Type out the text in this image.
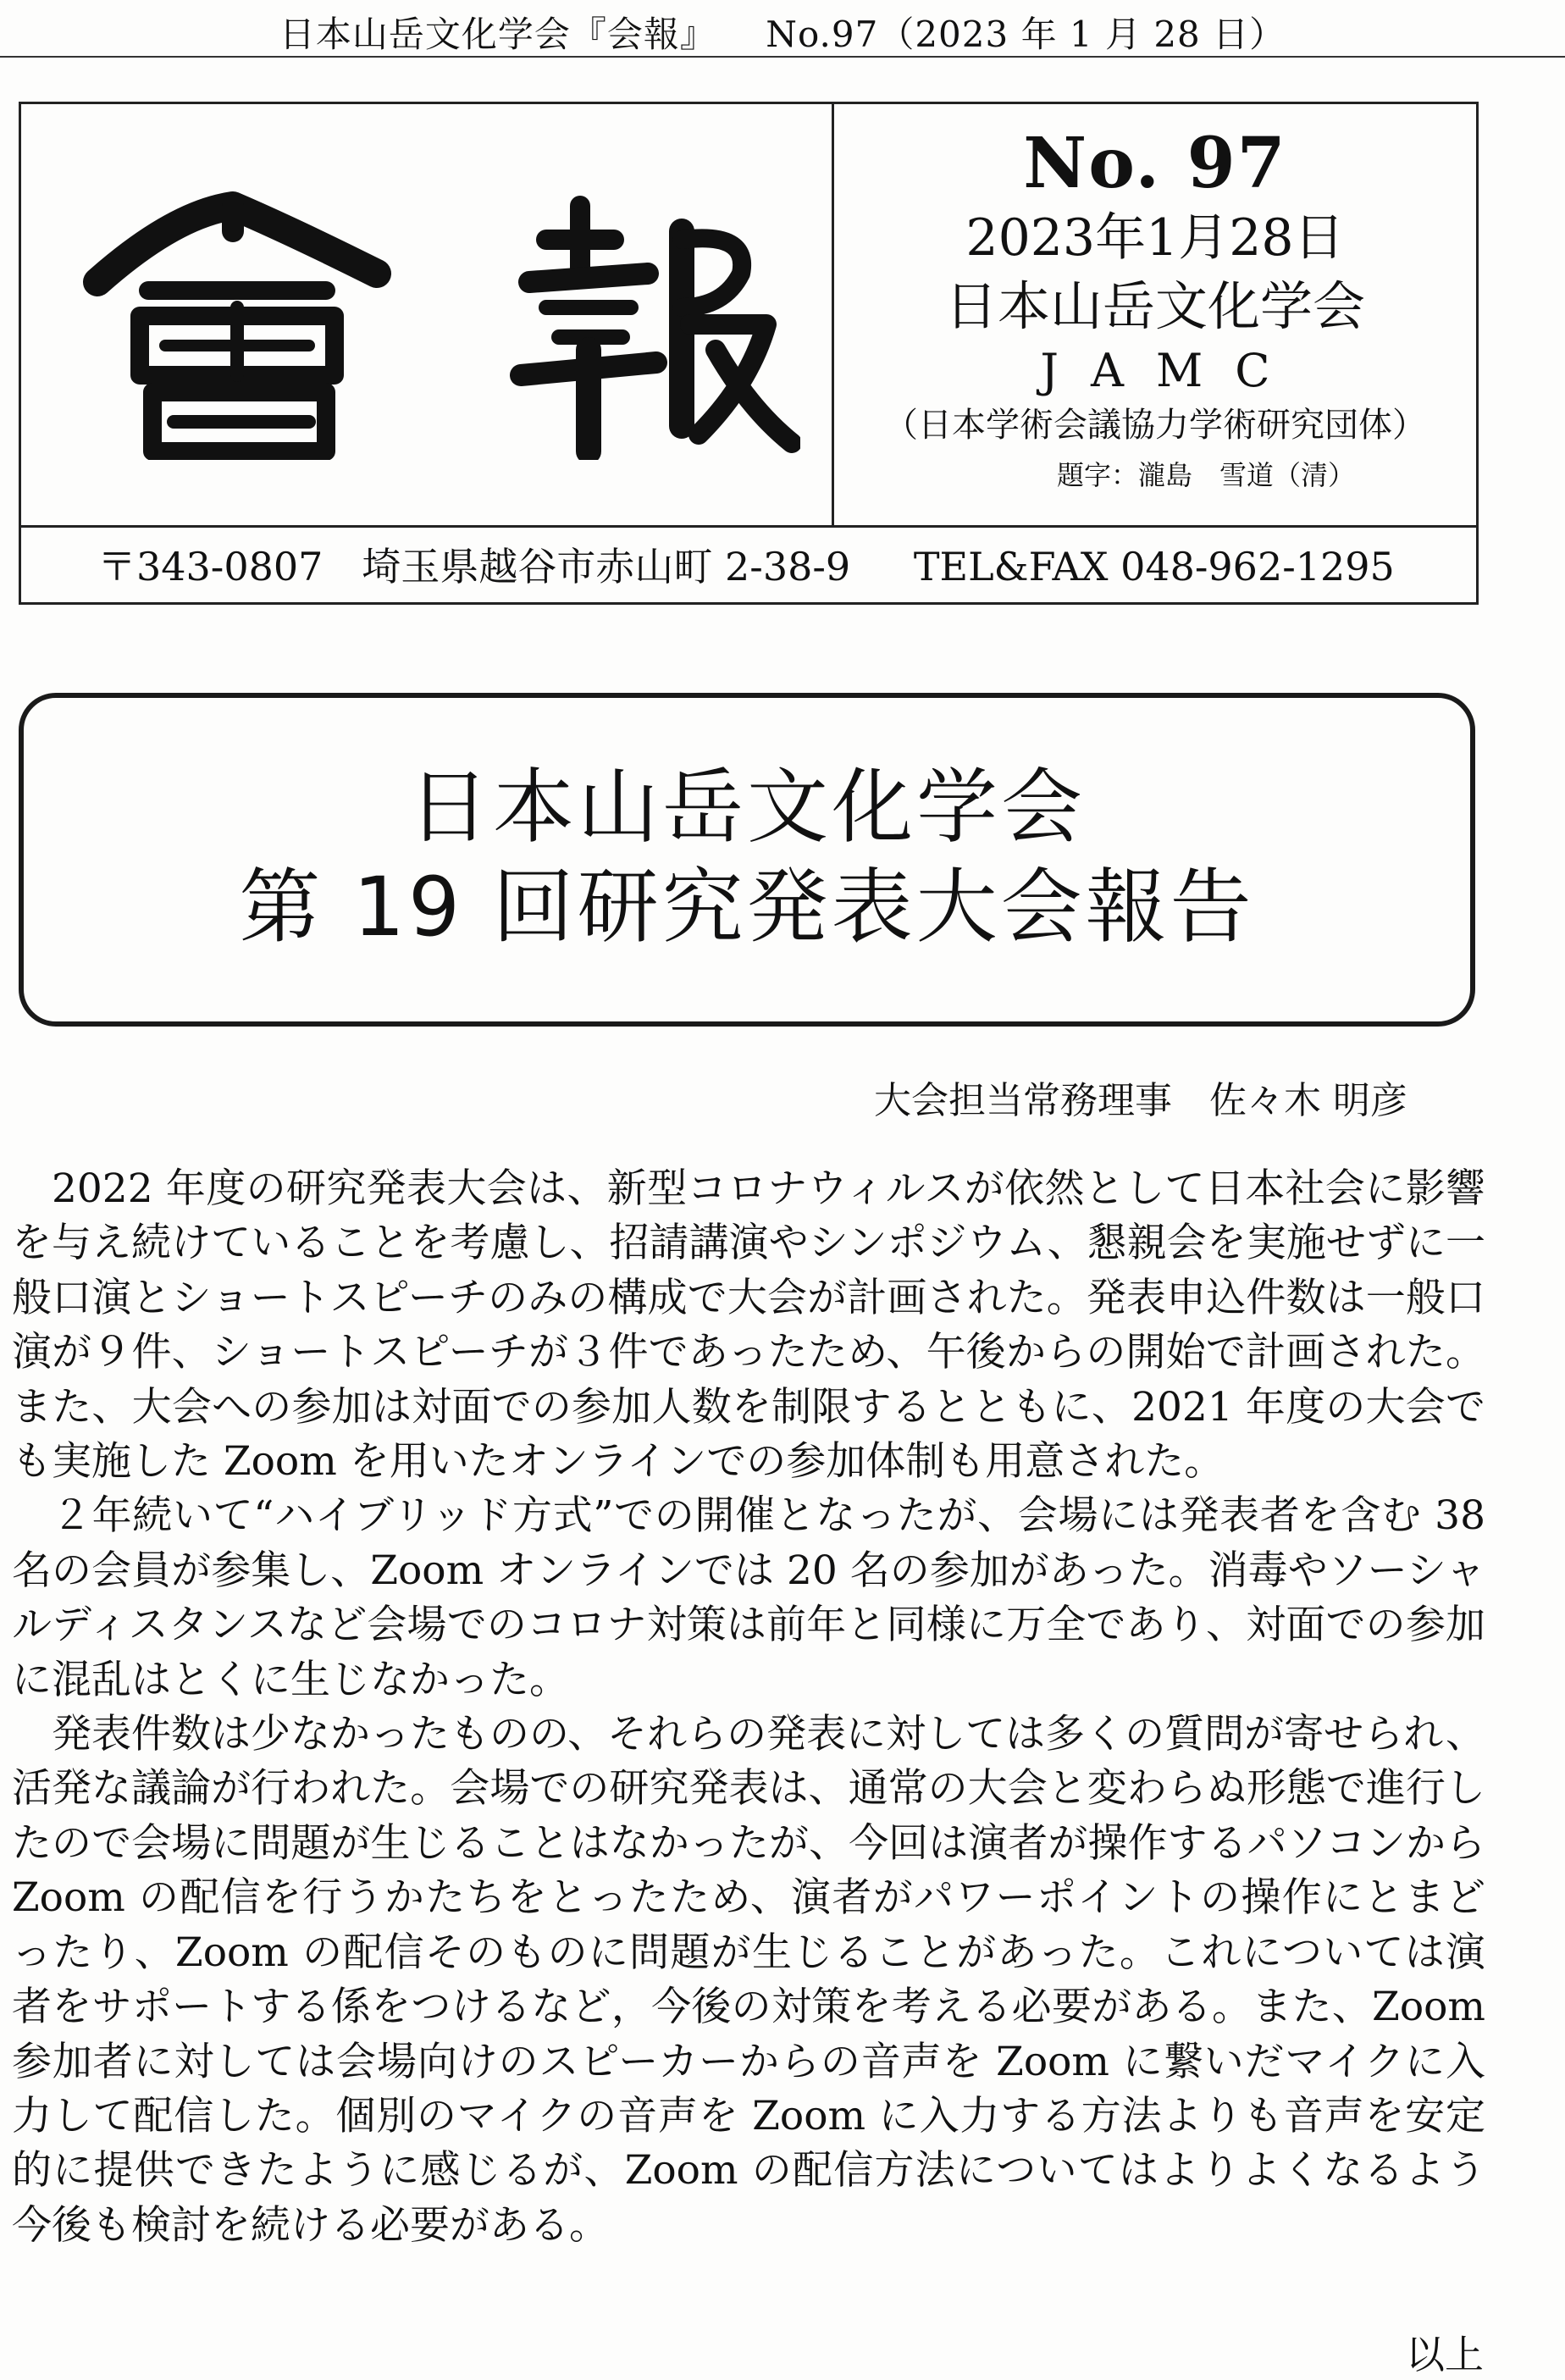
日本山岳文化学会『会報』 No.97（2023 年 1 月 28 日）
會報
No. 97
2023年1月28日
日本山岳文化学会
JAMC
（日本学術会議協力学術研究団体）
題字：瀧島　雪道（清）
〒343-0807　埼玉県越谷市赤山町 2-38-9 TEL&FAX 048-962-1295
日本山岳文化学会
第 19 回研究発表大会報告
大会担当常務理事　佐々木 明彦

2022 年度の研究発表大会は、新型コロナウィルスが依然として日本社会に影響を与え続けていることを考慮し、招請講演やシンポジウム、懇親会を実施せずに一般口演とショートスピーチのみの構成で大会が計画された。発表申込件数は一般口演が９件、ショートスピーチが３件であったため、午後からの開始で計画された。また、大会への参加は対面での参加人数を制限するとともに、2021 年度の大会でも実施した Zoom を用いたオンラインでの参加体制も用意された。

２年続いて“ハイブリッド方式”での開催となったが、会場には発表者を含む 38 名の会員が参集し、Zoom オンラインでは 20 名の参加があった。消毒やソーシャルディスタンスなど会場でのコロナ対策は前年と同様に万全であり、対面での参加に混乱はとくに生じなかった。

発表件数は少なかったものの、それらの発表に対しては多くの質問が寄せられ、活発な議論が行われた。会場での研究発表は、通常の大会と変わらぬ形態で進行したので会場に問題が生じることはなかったが、今回は演者が操作するパソコンから Zoom の配信を行うかたちをとったため、演者がパワーポイントの操作にとまどったり、Zoom の配信そのものに問題が生じることがあった。これについては演者をサポートする係をつけるなど，今後の対策を考える必要がある。また、Zoom 参加者に対しては会場向けのスピーカーからの音声を Zoom に繋いだマイクに入力して配信した。個別のマイクの音声を Zoom に入力する方法よりも音声を安定的に提供できたように感じるが、Zoom の配信方法についてはよりよくなるよう今後も検討を続ける必要がある。

以上
